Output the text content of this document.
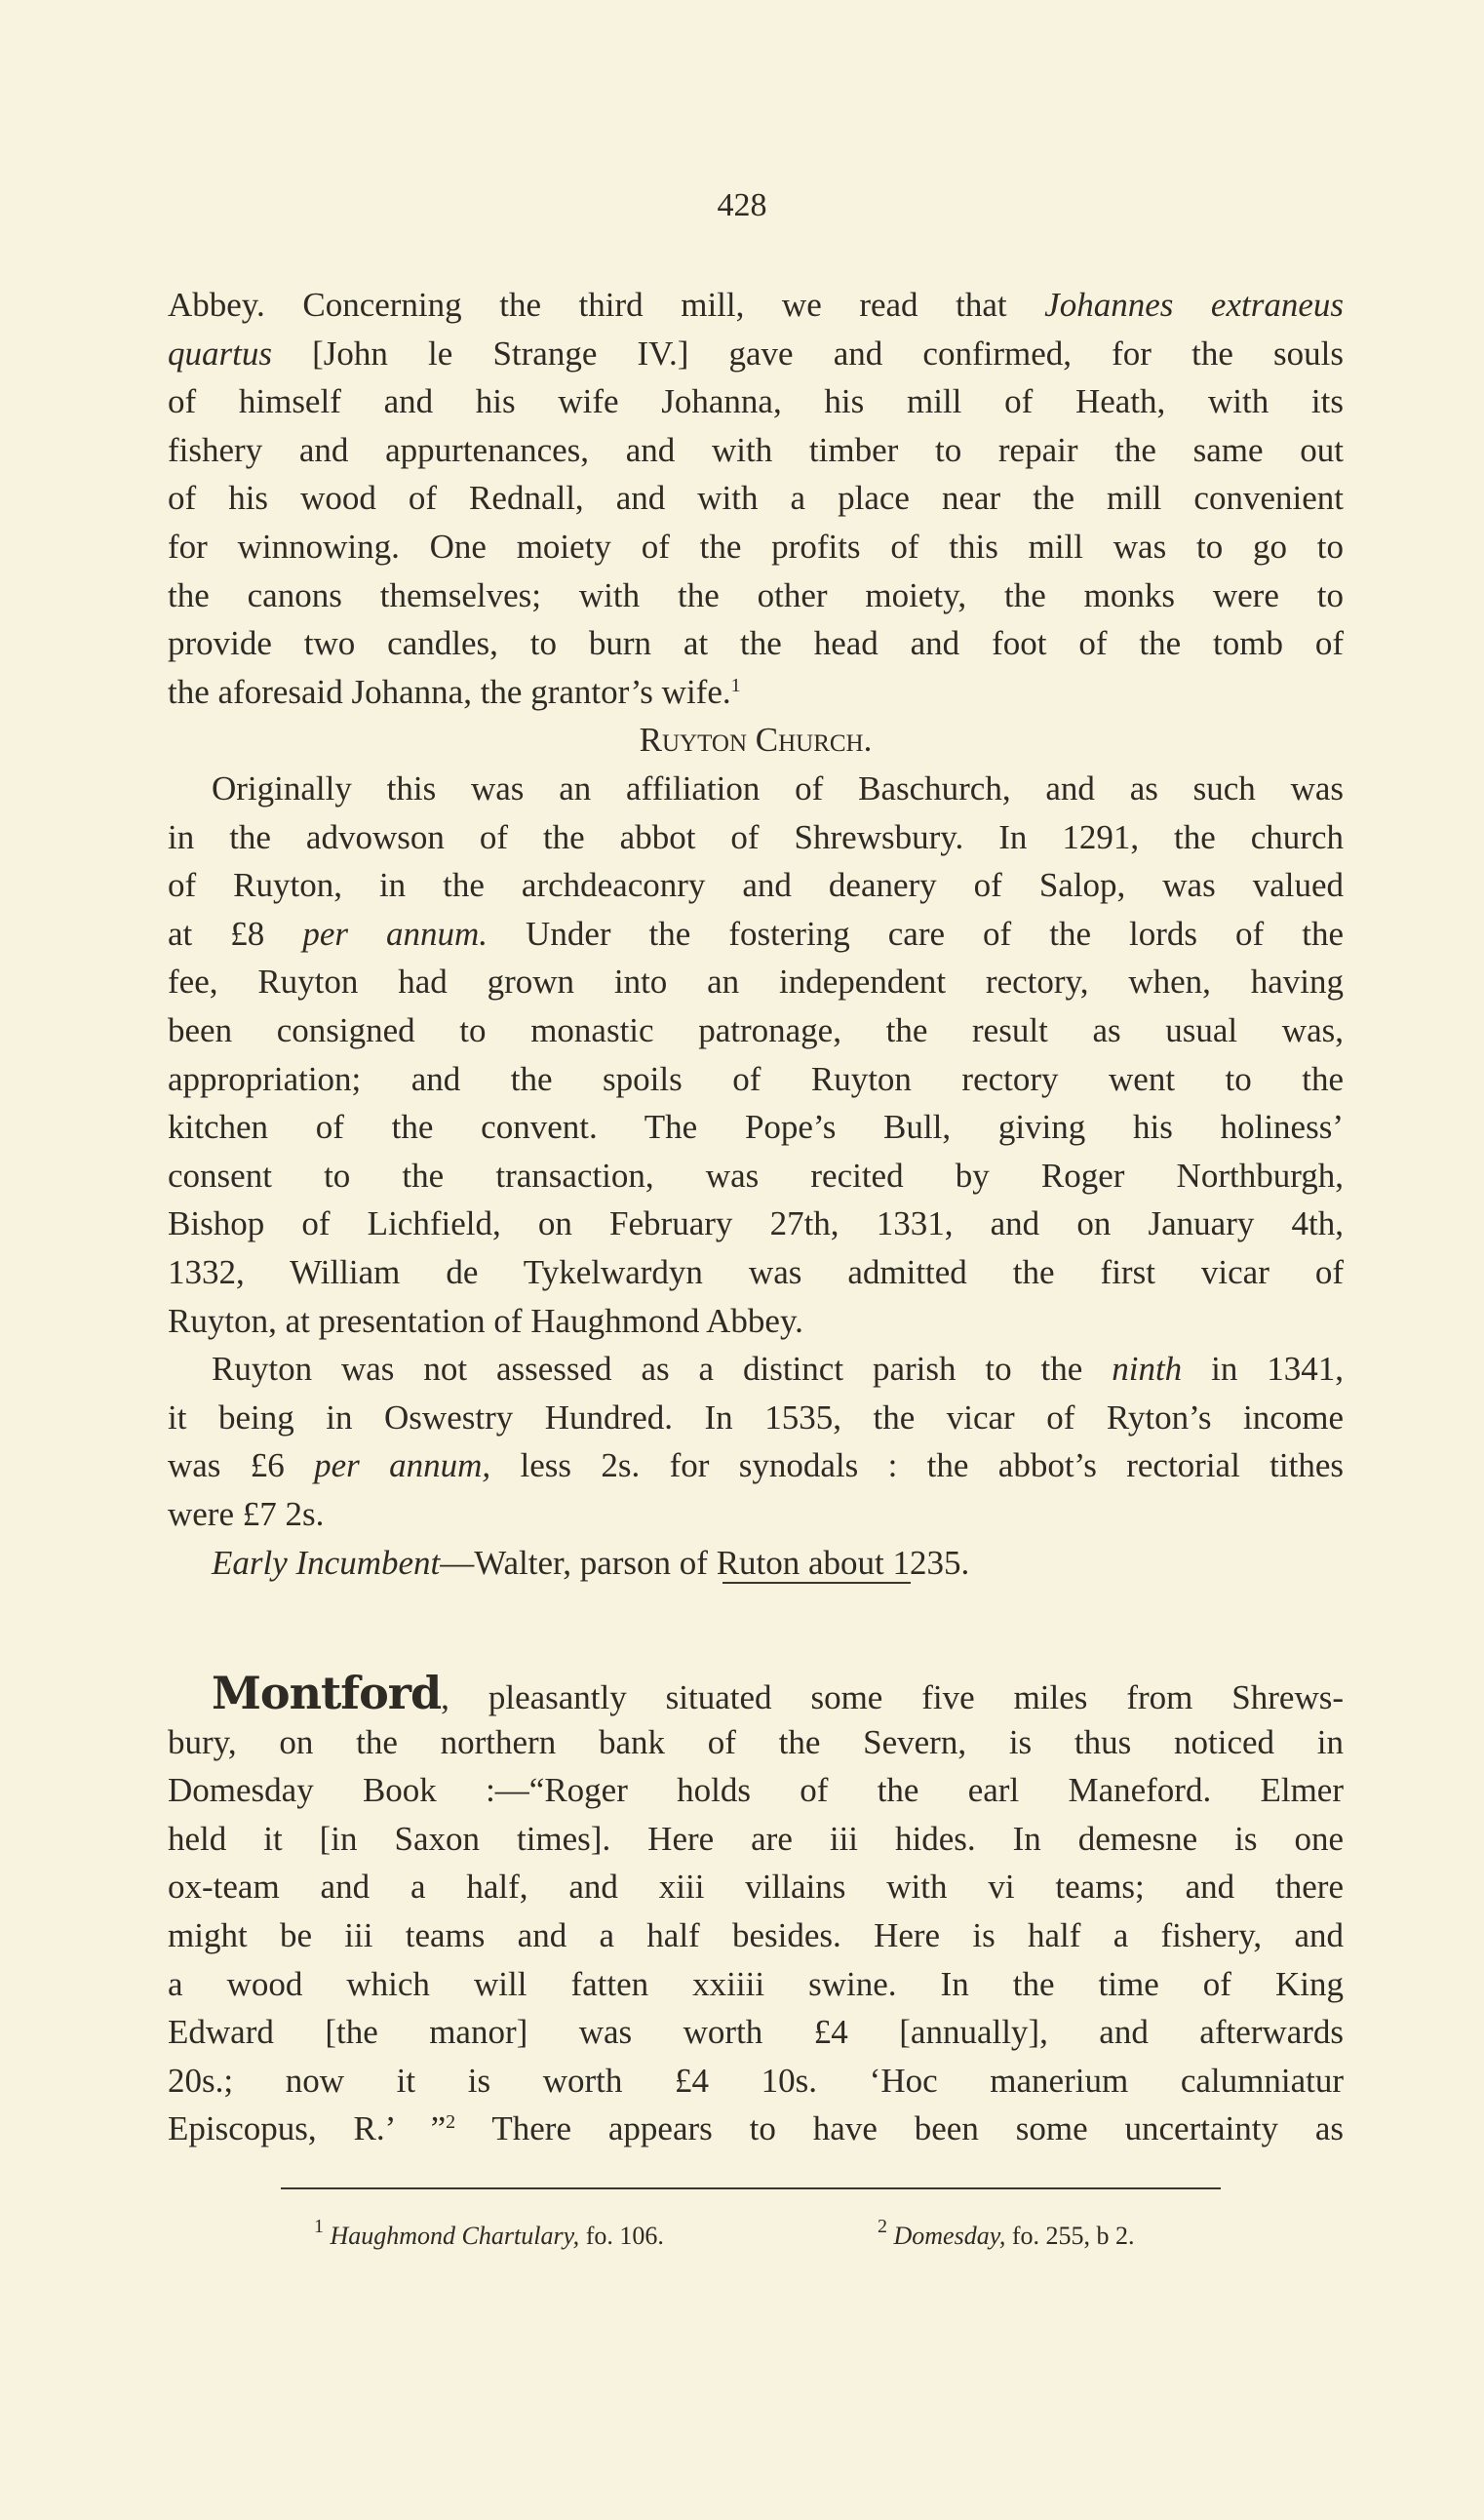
428
Abbey. Concerning the third mill, we read that Johannes extraneus
quartus [John le Strange IV.] gave and confirmed, for the souls
of himself and his wife Johanna, his mill of Heath, with its
fishery and appurtenances, and with timber to repair the same out
of his wood of Rednall, and with a place near the mill convenient
for winnowing. One moiety of the profits of this mill was to go to
the canons themselves; with the other moiety, the monks were to
provide two candles, to burn at the head and foot of the tomb of
the aforesaid Johanna, the grantor’s wife.$^1$
Ruyton Church.
Originally this was an affiliation of Baschurch, and as such was
in the advowson of the abbot of Shrewsbury. In 1291, the church
of Ruyton, in the archdeaconry and deanery of Salop, was valued
at £8 per annum. Under the fostering care of the lords of the
fee, Ruyton had grown into an independent rectory, when, having
been consigned to monastic patronage, the result as usual was,
appropriation; and the spoils of Ruyton rectory went to the
kitchen of the convent. The Pope’s Bull, giving his holiness’
consent to the transaction, was recited by Roger Northburgh,
Bishop of Lichfield, on February 27th, 1331, and on January 4th,
1332, William de Tykelwardyn was admitted the first vicar of
Ruyton, at presentation of Haughmond Abbey.
Ruyton was not assessed as a distinct parish to the ninth in 1341,
it being in Oswestry Hundred. In 1535, the vicar of Ryton’s income
was £6 per annum, less 2s. for synodals : the abbot’s rectorial tithes
were £7 2s.
Early Incumbent—Walter, parson of Ruton about 1235.
Montford, pleasantly situated some five miles from Shrews-
bury, on the northern bank of the Severn, is thus noticed in
Domesday Book :—“Roger holds of the earl Maneford. Elmer
held it [in Saxon times]. Here are iii hides. In demesne is one
ox-team and a half, and xiii villains with vi teams; and there
might be iii teams and a half besides. Here is half a fishery, and
a wood which will fatten xxiiii swine. In the time of King
Edward [the manor] was worth £4 [annually], and afterwards
20s.; now it is worth £4 10s. ‘Hoc manerium calumniatur
Episcopus, R.’ ”$^2$ There appears to have been some uncertainty as
$^1$ Haughmond Chartulary, fo. 106.	$^2$ Domesday, fo. 255, b 2.
